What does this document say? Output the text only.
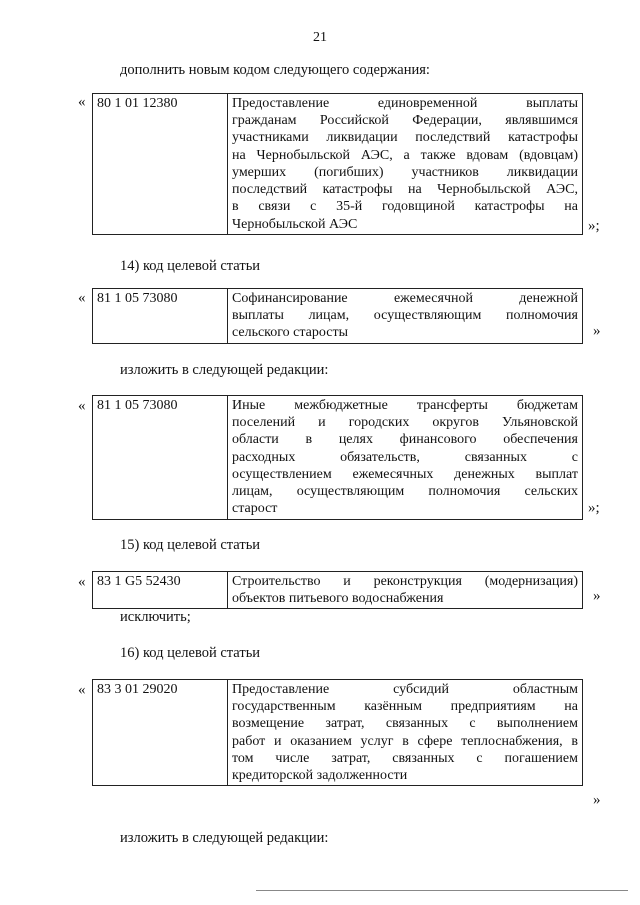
21
дополнить новым кодом следующего содержания:
« 80 1 01 12380	Предоставление единовременной выплаты
гражданам Российской Федерации, являвшимся
участниками ликвидации последствий катастрофы
на Чернобыльской АЭС, а также вдовам (вдовцам)
умерших (погибших) участников ликвидации
последствий катастрофы на Чернобыльской АЭС,
в связи с 35-й годовщиной катастрофы на
Чернобыльской АЭС	»;
14) код целевой статьи
« 81 1 05 73080	Софинансирование ежемесячной денежной
выплаты лицам, осуществляющим полномочия
сельского старосты	»
изложить в следующей редакции:
« 81 1 05 73080	Иные межбюджетные трансферты бюджетам
поселений и городских округов Ульяновской
области в целях финансового обеспечения
расходных обязательств, связанных с
осуществлением ежемесячных денежных выплат
лицам, осуществляющим полномочия сельских
старост	»;
15) код целевой статьи
« 83 1 G5 52430	Строительство и реконструкция (модернизация)
объектов питьевого водоснабжения	»
исключить;
16) код целевой статьи
« 83 3 01 29020	Предоставление субсидий областным
государственным казённым предприятиям на
возмещение затрат, связанных с выполнением
работ и оказанием услуг в сфере теплоснабжения, в
том числе затрат, связанных с погашением
кредиторской задолженности
»
изложить в следующей редакции:
